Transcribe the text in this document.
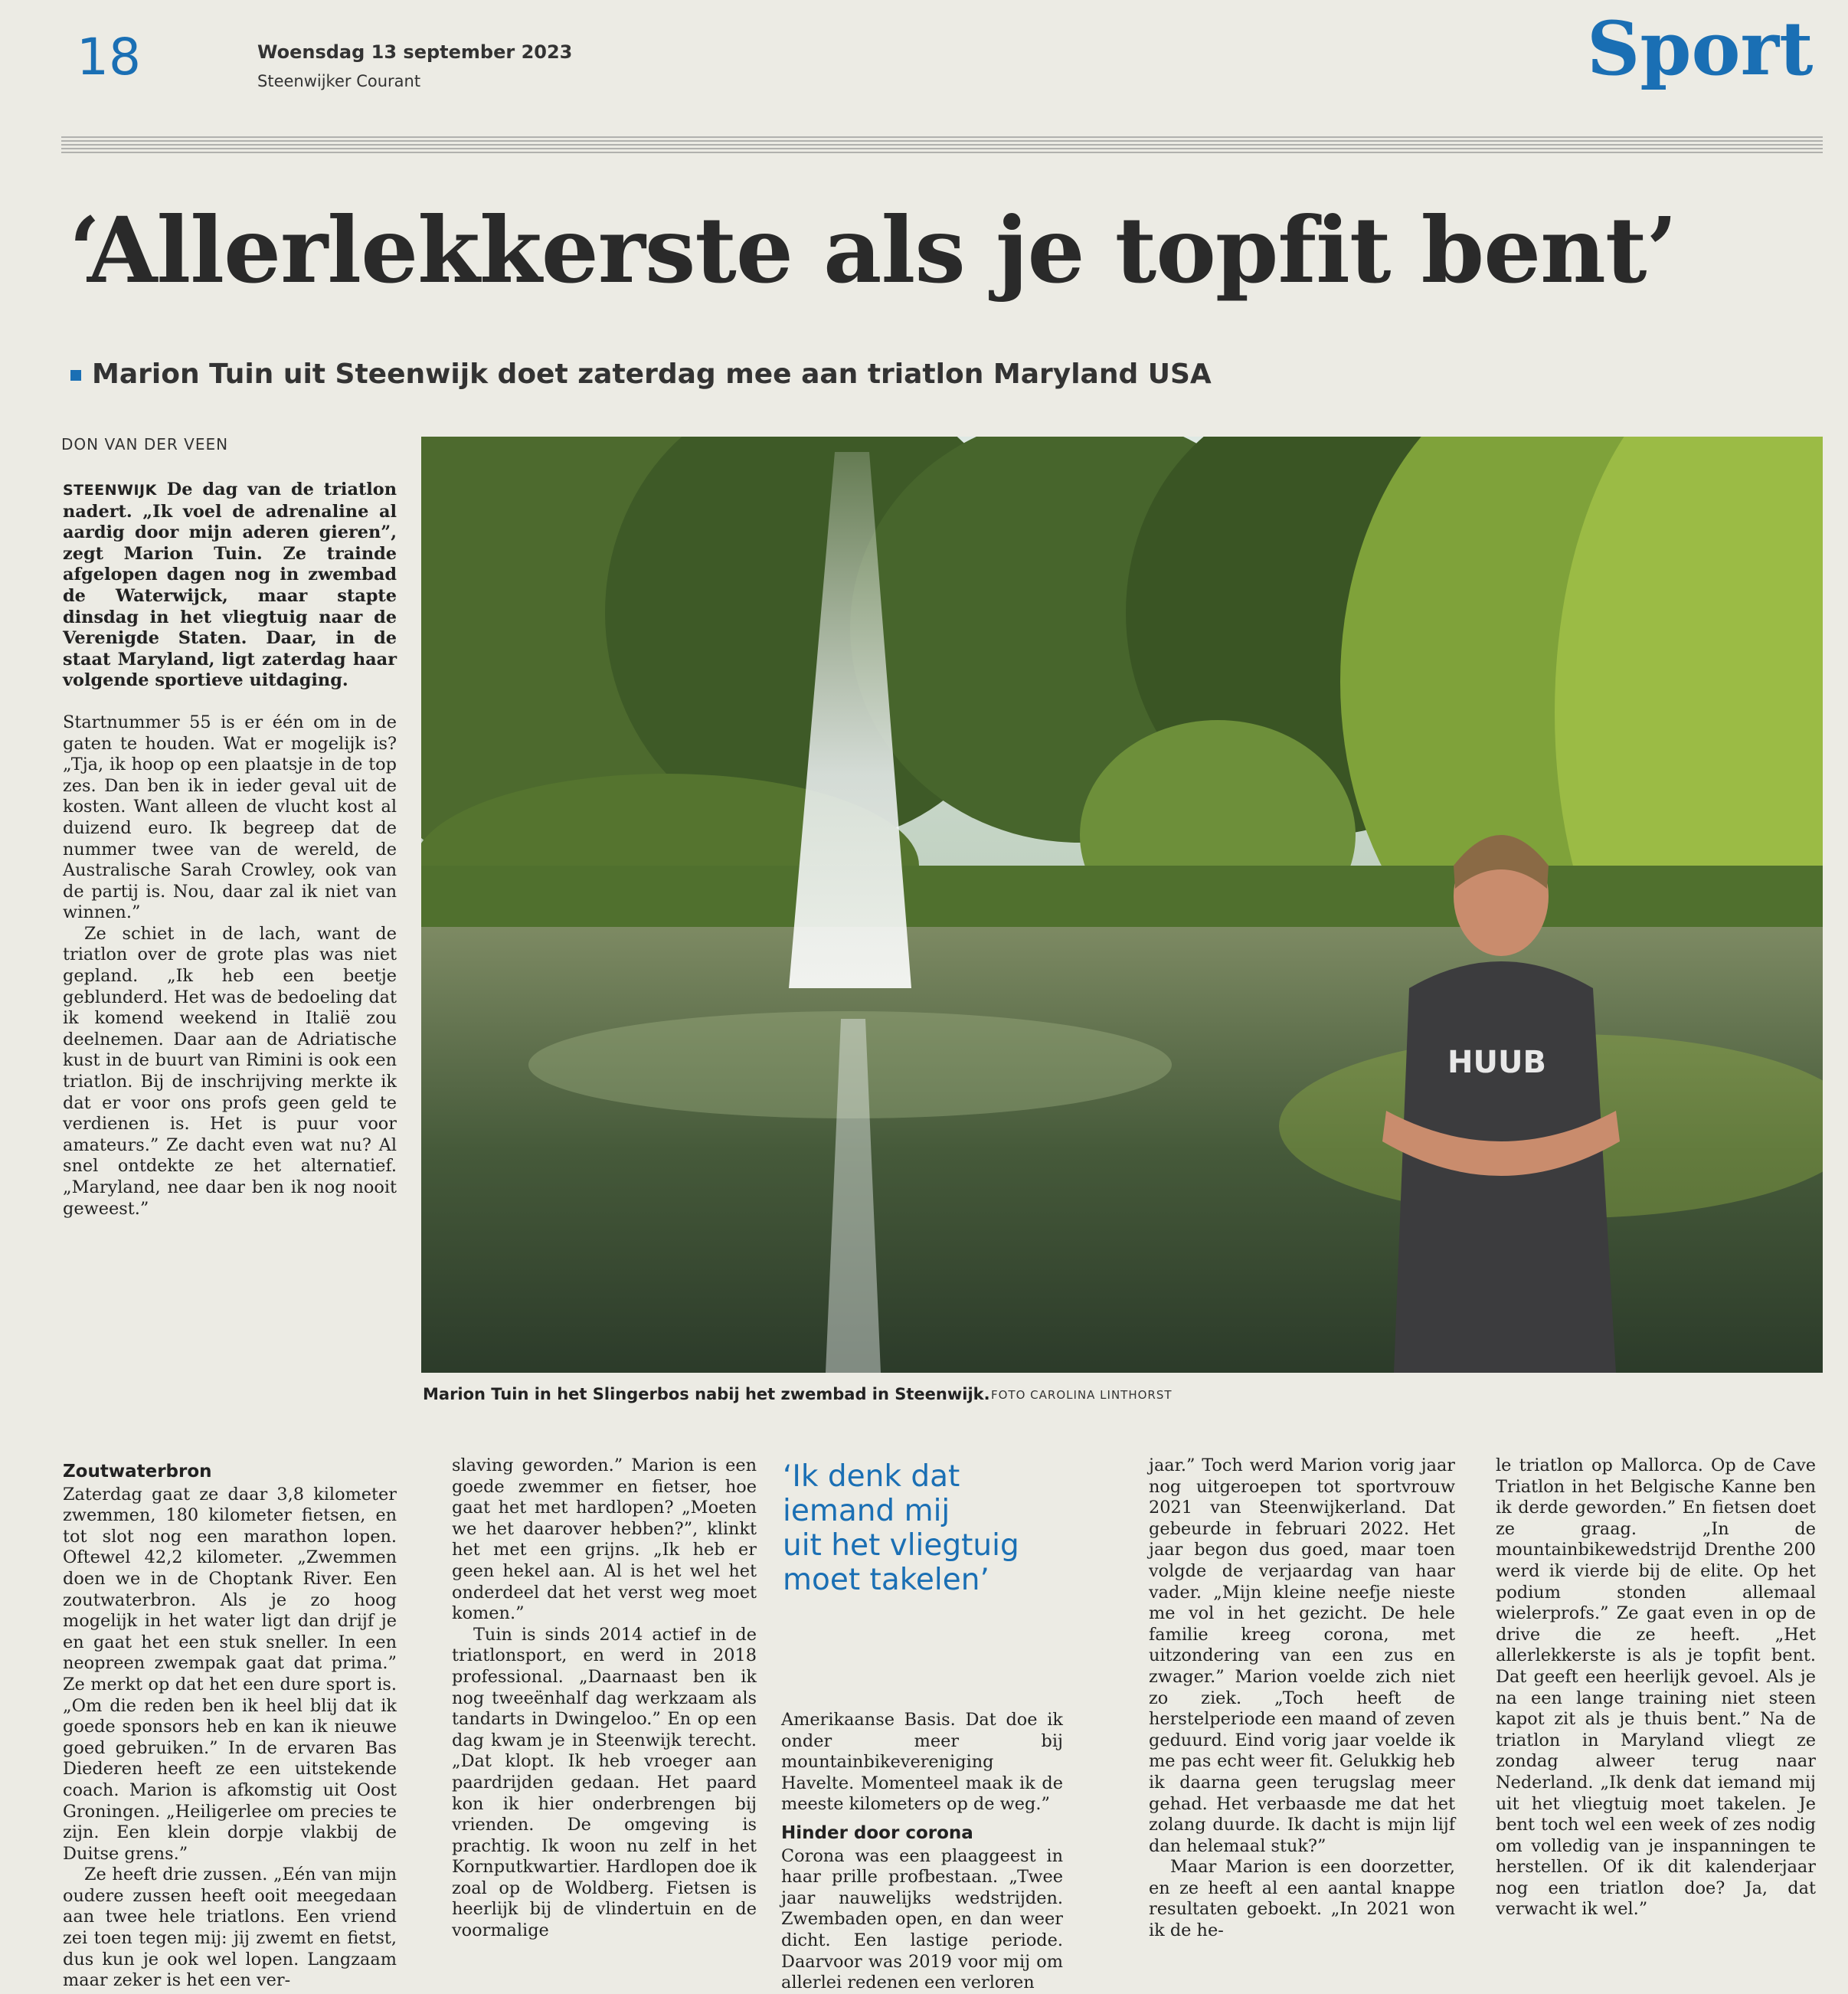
18	Woensdag 13 september 2023
Steenwijker Courant	Sport
‘Allerlekkerste als je topfit bent’
Marion Tuin uit Steenwijk doet zaterdag mee aan triatlon Maryland USA
DON VAN DER VEEN

STEENWIJK De dag van de triatlon nadert. „Ik voel de adrenaline al aardig door mijn aderen gieren”, zegt Marion Tuin. Ze trainde afgelopen dagen nog in zwembad de Waterwijck, maar stapte dinsdag in het vliegtuig naar de Verenigde Staten. Daar, in de staat Maryland, ligt zaterdag haar volgende sportieve uitdaging.

Startnummer 55 is er één om in de gaten te houden. Wat er mogelijk is? „Tja, ik hoop op een plaatsje in de top zes. Dan ben ik in ieder geval uit de kosten. Want alleen de vlucht kost al duizend euro. Ik begreep dat de nummer twee van de wereld, de Australische Sarah Crowley, ook van de partij is. Nou, daar zal ik niet van winnen.”

Ze schiet in de lach, want de triatlon over de grote plas was niet gepland. „Ik heb een beetje geblunderd. Het was de bedoeling dat ik komend weekend in Italië zou deelnemen. Daar aan de Adriatische kust in de buurt van Rimini is ook een triatlon. Bij de inschrijving merkte ik dat er voor ons profs geen geld te verdienen is. Het is puur voor amateurs.” Ze dacht even wat nu? Al snel ontdekte ze het alternatief. „Maryland, nee daar ben ik nog nooit geweest.”

Zoutwaterbron

Zaterdag gaat ze daar 3,8 kilometer zwemmen, 180 kilometer fietsen, en tot slot nog een marathon lopen. Oftewel 42,2 kilometer. „Zwemmen doen we in de Choptank River. Een zoutwaterbron. Als je zo hoog mogelijk in het water ligt dan drijf je en gaat het een stuk sneller. In een neopreen zwempak gaat dat prima.” Ze merkt op dat het een dure sport is. „Om die reden ben ik heel blij dat ik goede sponsors heb en kan ik nieuwe goed gebruiken.” In de ervaren Bas Diederen heeft ze een uitstekende coach. Marion is afkomstig uit Oost Groningen. „Heiligerlee om precies te zijn. Een klein dorpje vlakbij de Duitse grens.”

Ze heeft drie zussen. „Eén van mijn oudere zussen heeft ooit meegedaan aan twee hele triatlons. Een vriend zei toen tegen mij: jij zwemt en fietst, dus kun je ook wel lopen. Langzaam maar zeker is het een ver-

HUUB
Marion Tuin in het Slingerbos nabij het zwembad in Steenwijk. FOTO CAROLINA LINTHORST

slaving geworden.” Marion is een goede zwemmer en fietser, hoe gaat het met hardlopen? „Moeten we het daarover hebben?”, klinkt het met een grijns. „Ik heb er geen hekel aan. Al is het wel het onderdeel dat het verst weg moet komen.”

Tuin is sinds 2014 actief in de triatlonsport, en werd in 2018 professional. „Daarnaast ben ik nog tweeënhalf dag werkzaam als tandarts in Dwingeloo.” En op een dag kwam je in Steenwijk terecht. „Dat klopt. Ik heb vroeger aan paardrijden gedaan. Het paard kon ik hier onderbrengen bij vrienden. De omgeving is prachtig. Ik woon nu zelf in het Kornputkwartier. Hardlopen doe ik zoal op de Woldberg. Fietsen is heerlijk bij de vlindertuin en de voormalige

‘Ik denk dat
iemand mij
uit het vliegtuig
moet takelen’

Amerikaanse Basis. Dat doe ik onder meer bij mountainbikevereniging Havelte. Momenteel maak ik de meeste kilometers op de weg.”

Hinder door corona

Corona was een plaaggeest in haar prille profbestaan. „Twee jaar nauwelijks wedstrijden. Zwembaden open, en dan weer dicht. Een lastige periode. Daarvoor was 2019 voor mij om allerlei redenen een verloren

jaar.” Toch werd Marion vorig jaar nog uitgeroepen tot sportvrouw 2021 van Steenwijkerland. Dat gebeurde in februari 2022. Het jaar begon dus goed, maar toen volgde de verjaardag van haar vader. „Mijn kleine neefje nieste me vol in het gezicht. De hele familie kreeg corona, met uitzondering van een zus en zwager.” Marion voelde zich niet zo ziek. „Toch heeft de herstelperiode een maand of zeven geduurd. Eind vorig jaar voelde ik me pas echt weer fit. Gelukkig heb ik daarna geen terugslag meer gehad. Het verbaasde me dat het zolang duurde. Ik dacht is mijn lijf dan helemaal stuk?”

Maar Marion is een doorzetter, en ze heeft al een aantal knappe resultaten geboekt. „In 2021 won ik de he-

le triatlon op Mallorca. Op de Cave Triatlon in het Belgische Kanne ben ik derde geworden.” En fietsen doet ze graag. „In de mountainbikewedstrijd Drenthe 200 werd ik vierde bij de elite. Op het podium stonden allemaal wielerprofs.” Ze gaat even in op de drive die ze heeft. „Het allerlekkerste is als je topfit bent. Dat geeft een heerlijk gevoel. Als je na een lange training niet steen kapot zit als je thuis bent.” Na de triatlon in Maryland vliegt ze zondag alweer terug naar Nederland. „Ik denk dat iemand mij uit het vliegtuig moet takelen. Je bent toch wel een week of zes nodig om volledig van je inspanningen te herstellen. Of ik dit kalenderjaar nog een triatlon doe? Ja, dat verwacht ik wel.”
